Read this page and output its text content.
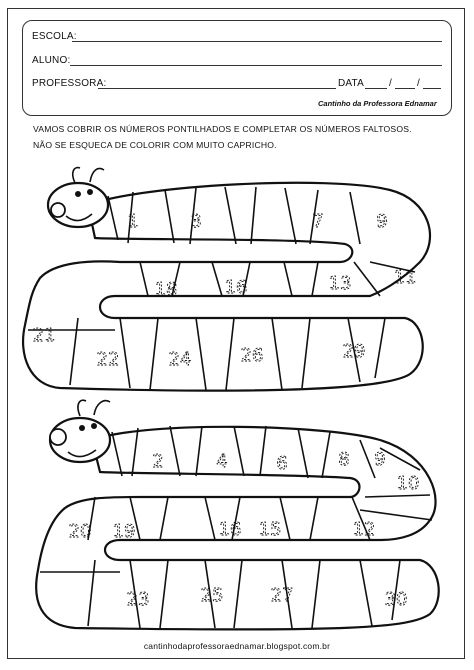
ESCOLA:
ALUNO:
PROFESSORA:	DATA	/	/
Cantinho da Professora Ednamar
VAMOS COBRIR OS NÚMEROS PONTILHADOS E COMPLETAR OS NÚMEROS FALTOSOS.
NÃO SE ESQUECA DE COLORIR COM MUITO CAPRICHO.
1	3	7	9
18	16	13 11
21
22	24	26	29
2	4	6	8 9
10
20 19	16 15	12
23	25	27	30
cantinhodaprofessoraednamar.blogspot.com.br
